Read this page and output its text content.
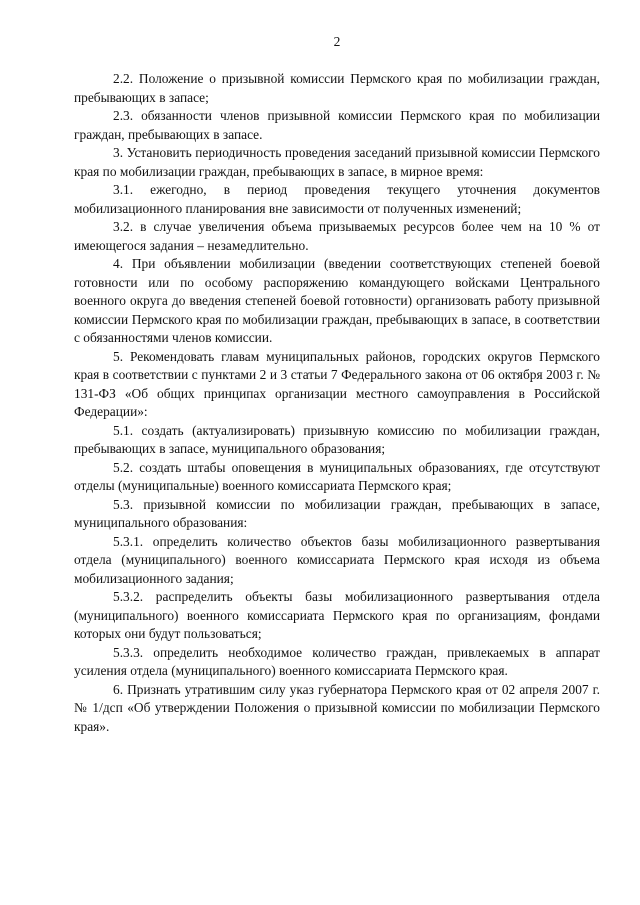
2

2.2. Положение о призывной комиссии Пермского края по мобилизации граждан, пребывающих в запасе;

2.3. обязанности членов призывной комиссии Пермского края по мобилизации граждан, пребывающих в запасе.

3. Установить периодичность проведения заседаний призывной комиссии Пермского края по мобилизации граждан, пребывающих в запасе, в мирное время:

3.1. ежегодно, в период проведения текущего уточнения документов мобилизационного планирования вне зависимости от полученных изменений;

3.2. в случае увеличения объема призываемых ресурсов более чем на 10 % от имеющегося задания – незамедлительно.

4. При объявлении мобилизации (введении соответствующих степеней боевой готовности или по особому распоряжению командующего войсками Центрального военного округа до введения степеней боевой готовности) организовать работу призывной комиссии Пермского края по мобилизации граждан, пребывающих в запасе, в соответствии с обязанностями членов комиссии.

5. Рекомендовать главам муниципальных районов, городских округов Пермского края в соответствии с пунктами 2 и 3 статьи 7 Федерального закона от 06 октября 2003 г. № 131-ФЗ «Об общих принципах организации местного самоуправления в Российской Федерации»:

5.1. создать (актуализировать) призывную комиссию по мобилизации граждан, пребывающих в запасе, муниципального образования;

5.2. создать штабы оповещения в муниципальных образованиях, где отсутствуют отделы (муниципальные) военного комиссариата Пермского края;

5.3. призывной комиссии по мобилизации граждан, пребывающих в запасе, муниципального образования:

5.3.1. определить количество объектов базы мобилизационного развертывания отдела (муниципального) военного комиссариата Пермского края исходя из объема мобилизационного задания;

5.3.2. распределить объекты базы мобилизационного развертывания отдела (муниципального) военного комиссариата Пермского края по организациям, фондами которых они будут пользоваться;

5.3.3. определить необходимое количество граждан, привлекаемых в аппарат усиления отдела (муниципального) военного комиссариата Пермского края.

6. Признать утратившим силу указ губернатора Пермского края от 02 апреля 2007 г. № 1/дсп «Об утверждении Положения о призывной комиссии по мобилизации Пермского края».
